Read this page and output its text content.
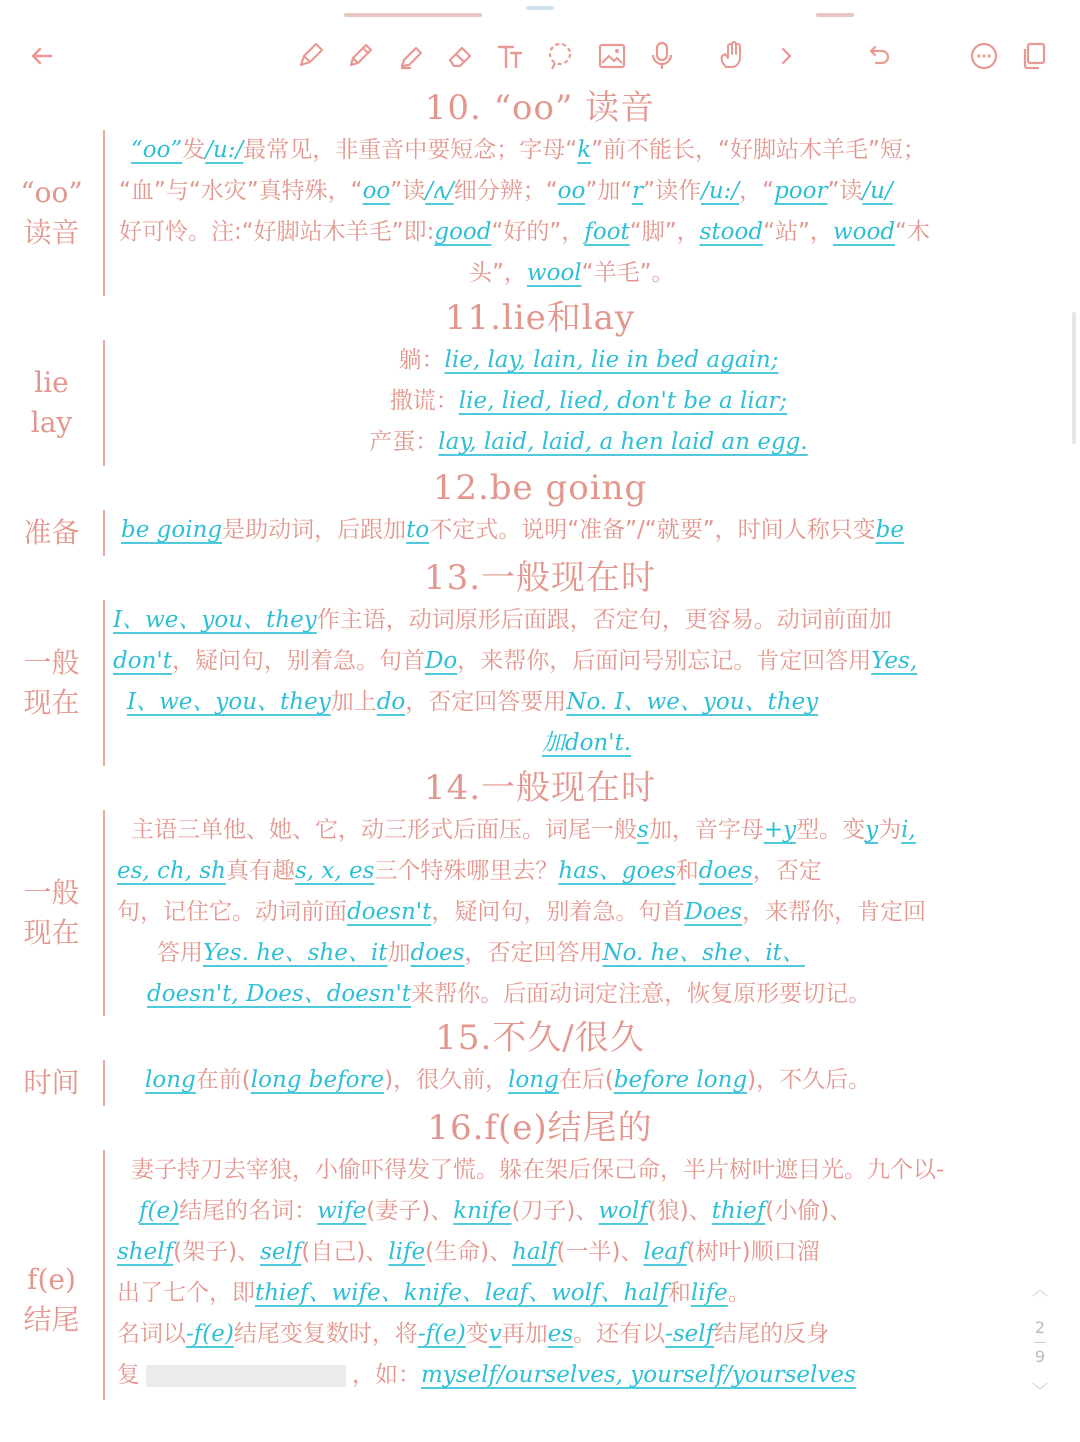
10. “oo” 读音
“oo”
读音
“oo”发/u:/最常见，非重音中要短念；字母“k”前不能长，“好脚站木羊毛”短；
“血”与“水灾”真特殊，“oo”读/ʌ/细分辨；“oo”加“r”读作/u:/，“poor”读/u/
好可怜。注:“好脚站木羊毛”即:good“好的”，foot“脚”，stood“站”，wood“木
头”，wool“羊毛”。
11.lie和lay
lie
lay
躺：lie, lay, lain, lie in bed again;
撒谎：lie, lied, lied, don't be a liar;
产蛋：lay, laid, laid, a hen laid an egg.
12.be going
准备 be going是助动词，后跟加to不定式。说明“准备”/“就要”，时间人称只变be
13.一般现在时
一般
现在
I、we、you、they作主语，动词原形后面跟，否定句，更容易。动词前面加
don't，疑问句，别着急。句首Do，来帮你，后面问号别忘记。肯定回答用Yes,
I、we、you、they加上do，否定回答要用No. I、we、you、they
加don't.
14.一般现在时
一般
现在
主语三单他、她、它，动三形式后面压。词尾一般s加，音字母+y型。变y为i,
es, ch, sh真有趣s, x, es三个特殊哪里去？has、goes和does，否定
句，记住它。动词前面doesn't，疑问句，别着急。句首Does，来帮你，肯定回
答用Yes. he、she、it加does，否定回答用No. he、she、it、
doesn't, Does、doesn't来帮你。后面动词定注意，恢复原形要切记。
15.不久/很久
时间	long在前(long before)，很久前，long在后(before long)，不久后。
16.f(e)结尾的
f(e)
结尾
妻子持刀去宰狼，小偷吓得发了慌。躲在架后保己命，半片树叶遮目光。九个以-
f(e)结尾的名词：wife(妻子)、knife(刀子)、wolf(狼)、thief(小偷)、
shelf(架子)、self(自己)、life(生命)、half(一半)、leaf(树叶)顺口溜
出了七个，即thief、wife、knife、leaf、wolf、half和life。
名词以-f(e)结尾变复数时，将-f(e)变v再加es。还有以-self结尾的反身
复	，如：myself/ourselves, yourself/yourselves
︿
2
9
﹀
